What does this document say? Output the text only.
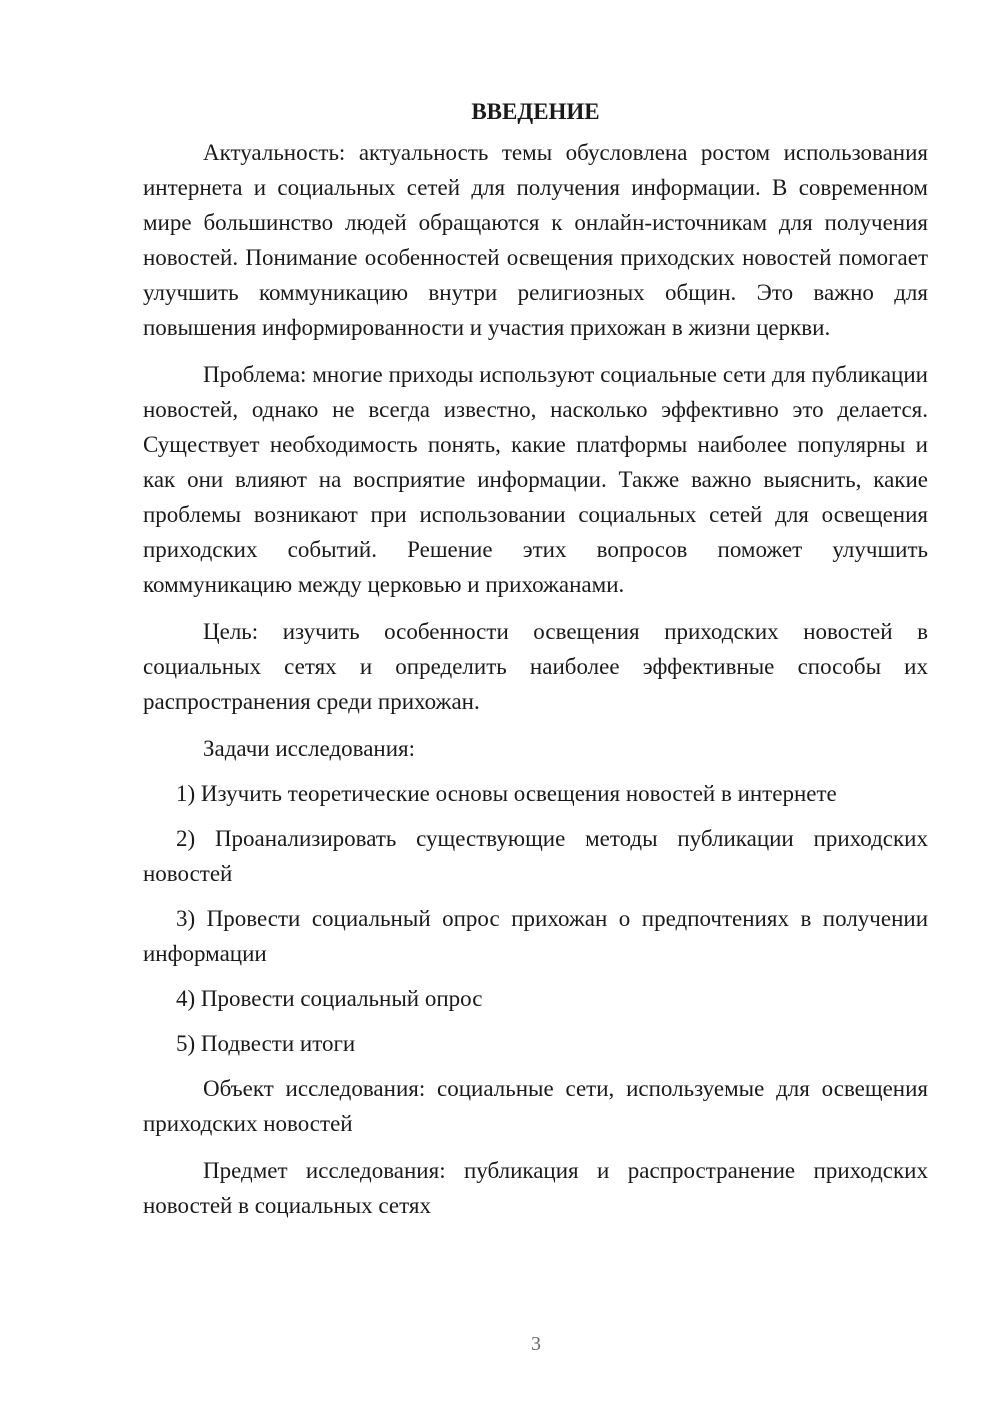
ВВЕДЕНИЕ

Актуальность: актуальность темы обусловлена ростом использования интернета и социальных сетей для получения информации. В современном мире большинство людей обращаются к онлайн-источникам для получения новостей. Понимание особенностей освещения приходских новостей помогает улучшить коммуникацию внутри религиозных общин. Это важно для повышения информированности и участия прихожан в жизни церкви.

Проблема: многие приходы используют социальные сети для публикации новостей, однако не всегда известно, насколько эффективно это делается. Существует необходимость понять, какие платформы наиболее популярны и как они влияют на восприятие информации. Также важно выяснить, какие проблемы возникают при использовании социальных сетей для освещения приходских событий. Решение этих вопросов поможет улучшить коммуникацию между церковью и прихожанами.

Цель: изучить особенности освещения приходских новостей в социальных сетях и определить наиболее эффективные способы их распространения среди прихожан.

Задачи исследования:

1) Изучить теоретические основы освещения новостей в интернете

2) Проанализировать существующие методы публикации приходских новостей

3) Провести социальный опрос прихожан о предпочтениях в получении информации

4) Провести социальный опрос

5) Подвести итоги

Объект исследования: социальные сети, используемые для освещения приходских новостей

Предмет исследования: публикация и распространение приходских новостей в социальных сетях

3
